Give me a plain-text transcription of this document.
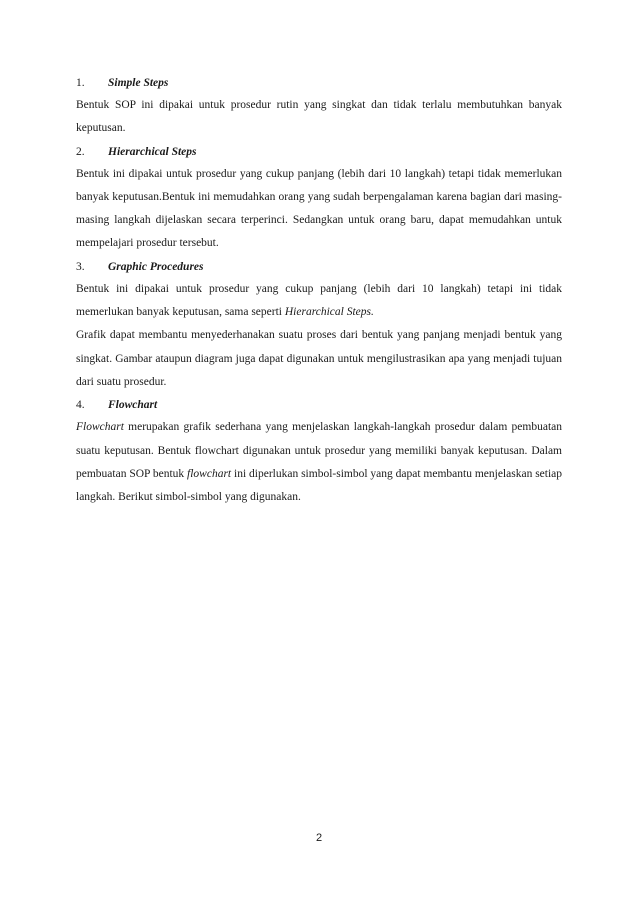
1. Simple Steps

Bentuk SOP ini dipakai untuk prosedur rutin yang singkat dan tidak terlalu membutuhkan banyak keputusan.

2. Hierarchical Steps

Bentuk ini dipakai untuk prosedur yang cukup panjang (lebih dari 10 langkah) tetapi tidak memerlukan banyak keputusan.Bentuk ini memudahkan orang yang sudah berpengalaman karena bagian dari masing-masing langkah dijelaskan secara terperinci. Sedangkan untuk orang baru, dapat memudahkan untuk mempelajari prosedur tersebut.

3. Graphic Procedures

Bentuk ini dipakai untuk prosedur yang cukup panjang (lebih dari 10 langkah) tetapi ini tidak memerlukan banyak keputusan, sama seperti Hierarchical Steps.

Grafik dapat membantu menyederhanakan suatu proses dari bentuk yang panjang menjadi bentuk yang singkat. Gambar ataupun diagram juga dapat digunakan untuk mengilustrasikan apa yang menjadi tujuan dari suatu prosedur.

4. Flowchart

Flowchart merupakan grafik sederhana yang menjelaskan langkah-langkah prosedur dalam pembuatan suatu keputusan. Bentuk flowchart digunakan untuk prosedur yang memiliki banyak keputusan. Dalam pembuatan SOP bentuk flowchart ini diperlukan simbol-simbol yang dapat membantu menjelaskan setiap langkah. Berikut simbol-simbol yang digunakan.

2
